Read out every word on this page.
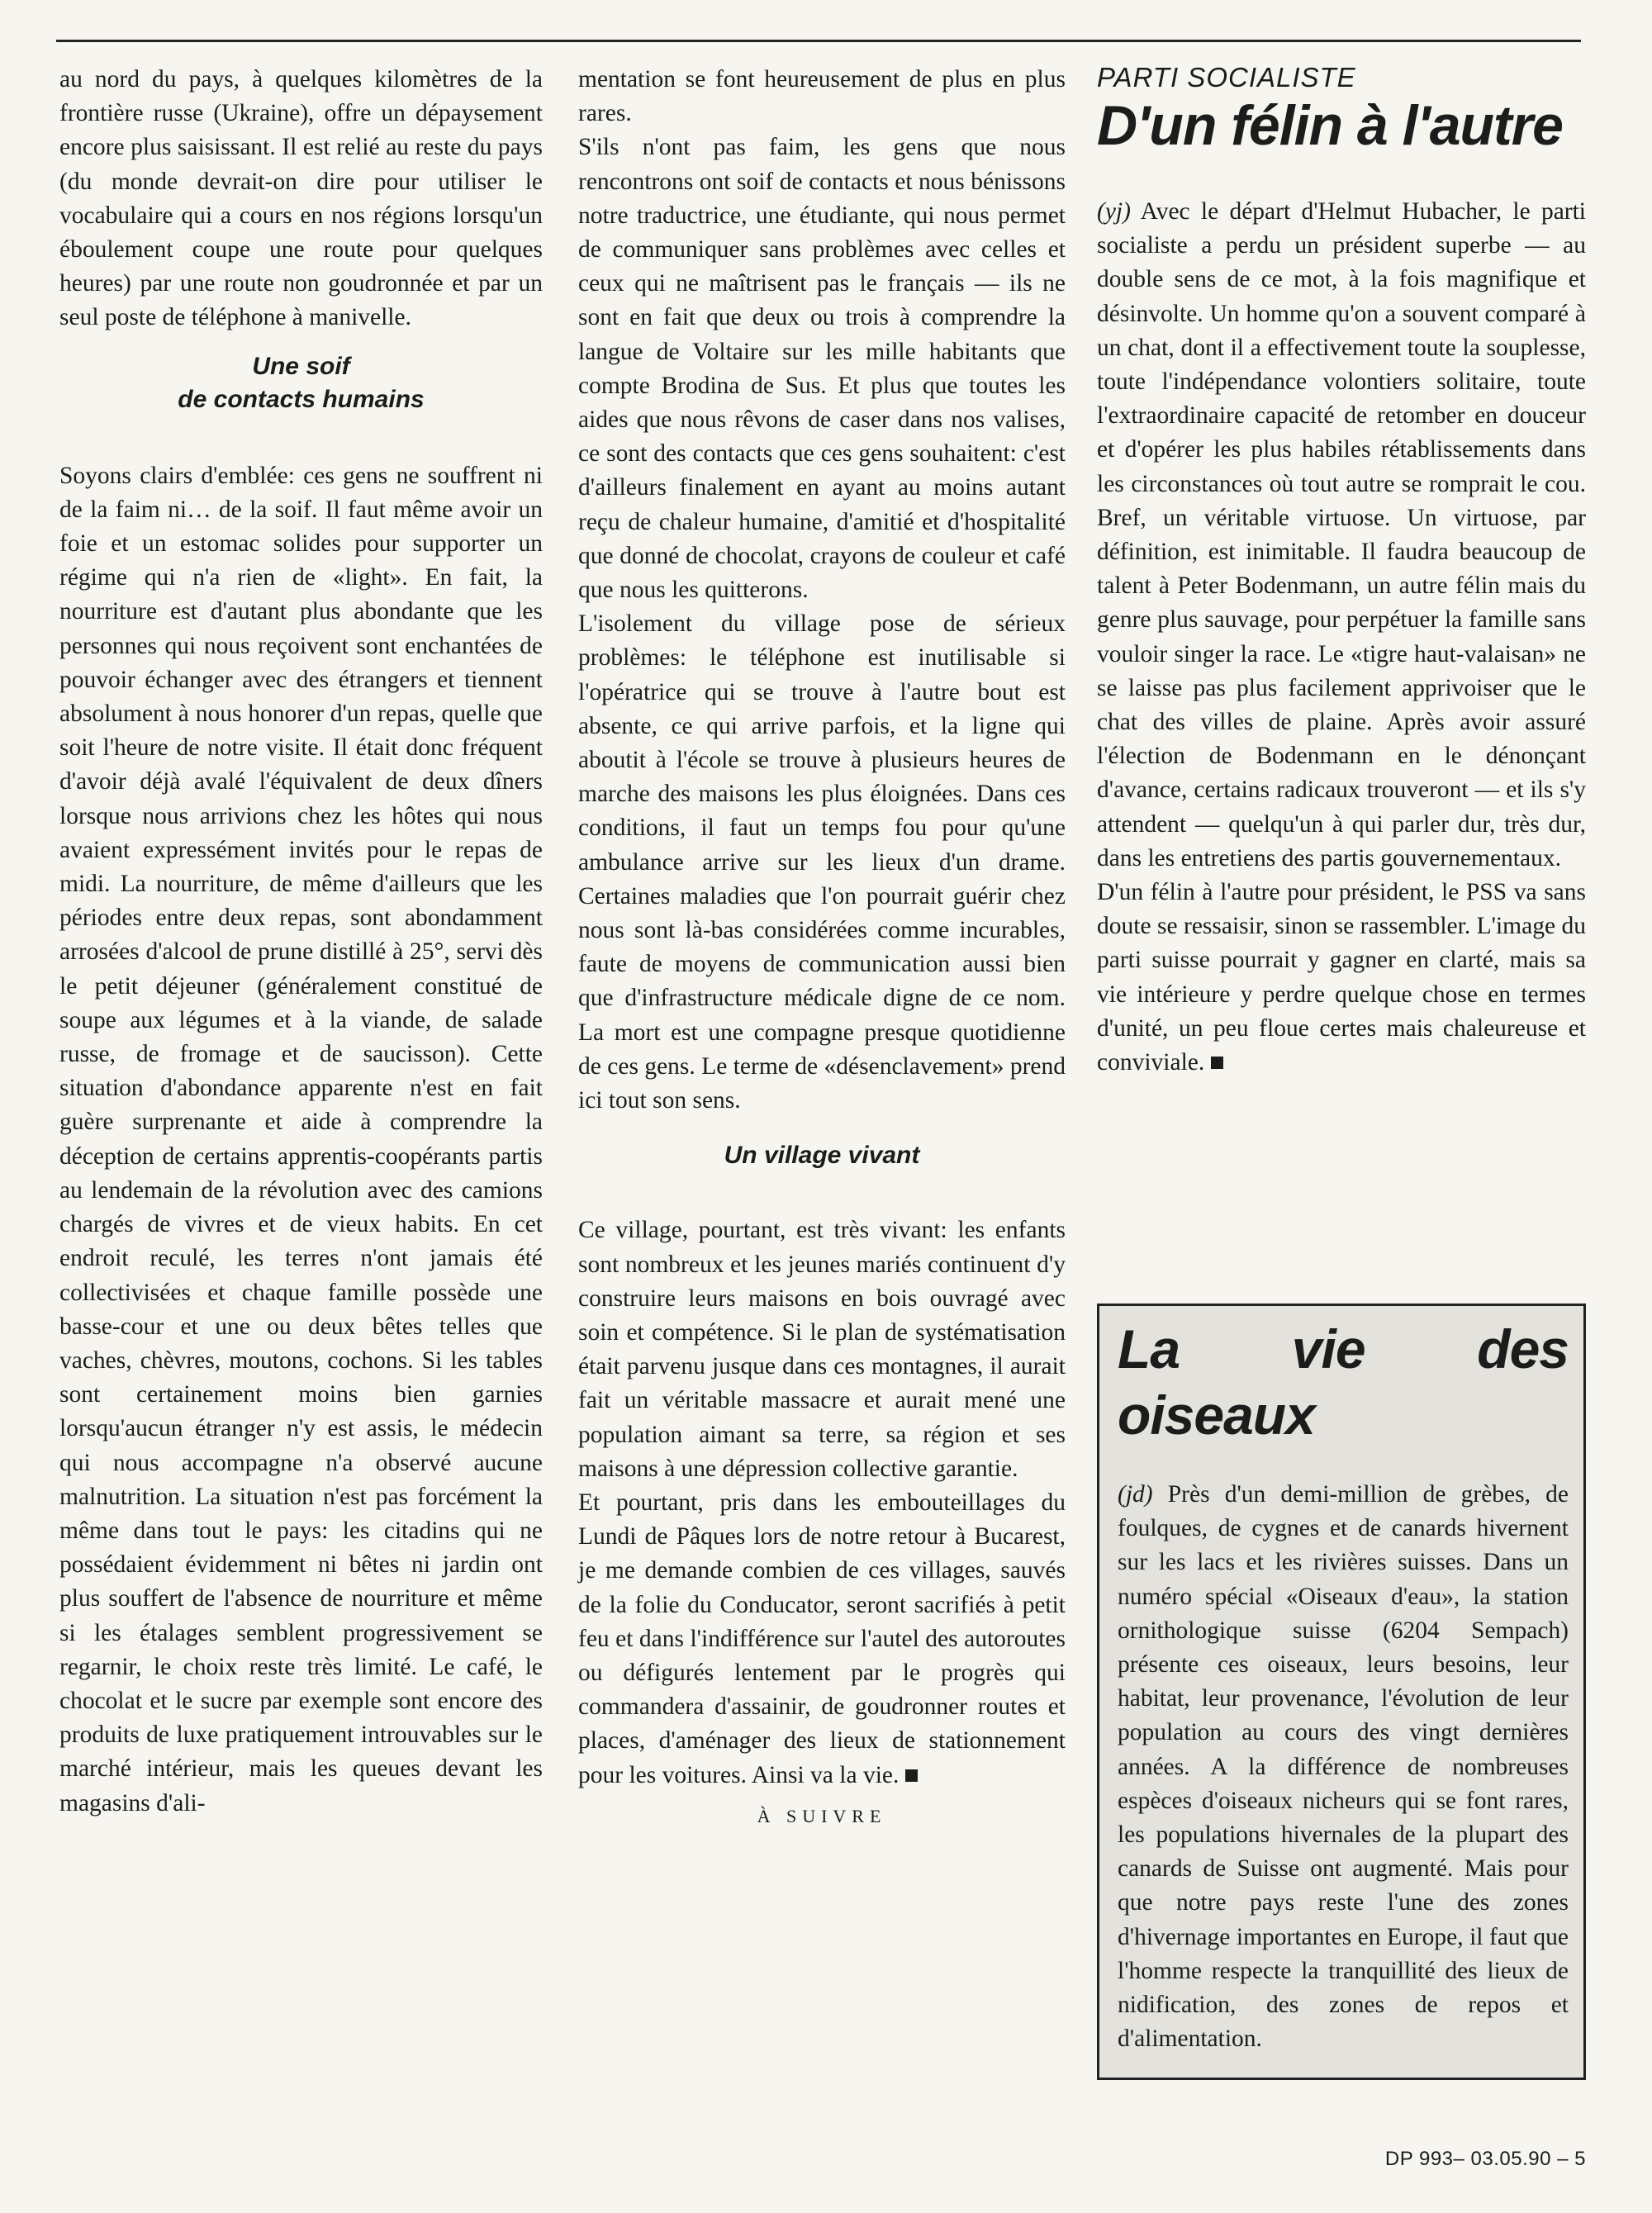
au nord du pays, à quelques kilomètres de la frontière russe (Ukraine), offre un dépaysement encore plus saisissant. Il est relié au reste du pays (du monde devrait-on dire pour utiliser le vocabulaire qui a cours en nos régions lorsqu'un éboulement coupe une route pour quelques heures) par une route non goudronnée et par un seul poste de téléphone à manivelle.

Une soif
de contacts humains

Soyons clairs d'emblée: ces gens ne souffrent ni de la faim ni… de la soif. Il faut même avoir un foie et un estomac solides pour supporter un régime qui n'a rien de «light». En fait, la nourriture est d'autant plus abondante que les personnes qui nous reçoivent sont enchantées de pouvoir échanger avec des étrangers et tiennent absolument à nous honorer d'un repas, quelle que soit l'heure de notre visite. Il était donc fréquent d'avoir déjà avalé l'équivalent de deux dîners lorsque nous arrivions chez les hôtes qui nous avaient expressément invités pour le repas de midi. La nourriture, de même d'ailleurs que les périodes entre deux repas, sont abondamment arrosées d'alcool de prune distillé à 25°, servi dès le petit déjeuner (généralement constitué de soupe aux légumes et à la viande, de salade russe, de fromage et de saucisson). Cette situation d'abondance apparente n'est en fait guère surprenante et aide à comprendre la déception de certains apprentis-coopérants partis au lendemain de la révolution avec des camions chargés de vivres et de vieux habits. En cet endroit reculé, les terres n'ont jamais été collectivisées et chaque famille possède une basse-cour et une ou deux bêtes telles que vaches, chèvres, moutons, cochons. Si les tables sont certainement moins bien garnies lorsqu'aucun étranger n'y est assis, le médecin qui nous accompagne n'a observé aucune malnutrition. La situation n'est pas forcément la même dans tout le pays: les citadins qui ne possédaient évidemment ni bêtes ni jardin ont plus souffert de l'absence de nourriture et même si les étalages semblent progressivement se regarnir, le choix reste très limité. Le café, le chocolat et le sucre par exemple sont encore des produits de luxe pratiquement introuvables sur le marché intérieur, mais les queues devant les magasins d'ali-

mentation se font heureusement de plus en plus rares.

S'ils n'ont pas faim, les gens que nous rencontrons ont soif de contacts et nous bénissons notre traductrice, une étudiante, qui nous permet de communiquer sans problèmes avec celles et ceux qui ne maîtrisent pas le français — ils ne sont en fait que deux ou trois à comprendre la langue de Voltaire sur les mille habitants que compte Brodina de Sus. Et plus que toutes les aides que nous rêvons de caser dans nos valises, ce sont des contacts que ces gens souhaitent: c'est d'ailleurs finalement en ayant au moins autant reçu de chaleur humaine, d'amitié et d'hospitalité que donné de chocolat, crayons de couleur et café que nous les quitterons.

L'isolement du village pose de sérieux problèmes: le téléphone est inutilisable si l'opératrice qui se trouve à l'autre bout est absente, ce qui arrive parfois, et la ligne qui aboutit à l'école se trouve à plusieurs heures de marche des maisons les plus éloignées. Dans ces conditions, il faut un temps fou pour qu'une ambulance arrive sur les lieux d'un drame. Certaines maladies que l'on pourrait guérir chez nous sont là-bas considérées comme incurables, faute de moyens de communication aussi bien que d'infrastructure médicale digne de ce nom. La mort est une compagne presque quotidienne de ces gens. Le terme de «désenclavement» prend ici tout son sens.

Un village vivant

Ce village, pourtant, est très vivant: les enfants sont nombreux et les jeunes mariés continuent d'y construire leurs maisons en bois ouvragé avec soin et compétence. Si le plan de systématisation était parvenu jusque dans ces montagnes, il aurait fait un véritable massacre et aurait mené une population aimant sa terre, sa région et ses maisons à une dépression collective garantie.

Et pourtant, pris dans les embouteillages du Lundi de Pâques lors de notre retour à Bucarest, je me demande combien de ces villages, sauvés de la folie du Conducator, seront sacrifiés à petit feu et dans l'indifférence sur l'autel des autoroutes ou défigurés lentement par le progrès qui commandera d'assainir, de goudronner routes et places, d'aménager des lieux de stationnement pour les voitures. Ainsi va la vie.

À SUIVRE
PARTI SOCIALISTE
D'un félin à l'autre

(yj) Avec le départ d'Helmut Hubacher, le parti socialiste a perdu un président superbe — au double sens de ce mot, à la fois magnifique et désinvolte. Un homme qu'on a souvent comparé à un chat, dont il a effectivement toute la souplesse, toute l'indépendance volontiers solitaire, toute l'extraordinaire capacité de retomber en douceur et d'opérer les plus habiles rétablissements dans les circonstances où tout autre se romprait le cou. Bref, un véritable virtuose. Un virtuose, par définition, est inimitable. Il faudra beaucoup de talent à Peter Bodenmann, un autre félin mais du genre plus sauvage, pour perpétuer la famille sans vouloir singer la race. Le «tigre haut-valaisan» ne se laisse pas plus facilement apprivoiser que le chat des villes de plaine. Après avoir assuré l'élection de Bodenmann en le dénonçant d'avance, certains radicaux trouveront — et ils s'y attendent — quelqu'un à qui parler dur, très dur, dans les entretiens des partis gouvernementaux.

D'un félin à l'autre pour président, le PSS va sans doute se ressaisir, sinon se rassembler. L'image du parti suisse pourrait y gagner en clarté, mais sa vie intérieure y perdre quelque chose en termes d'unité, un peu floue certes mais chaleureuse et conviviale.

La vie des oiseaux

(jd) Près d'un demi-million de grèbes, de foulques, de cygnes et de canards hivernent sur les lacs et les rivières suisses. Dans un numéro spécial «Oiseaux d'eau», la station ornithologique suisse (6204 Sempach) présente ces oiseaux, leurs besoins, leur habitat, leur provenance, l'évolution de leur population au cours des vingt dernières années. A la différence de nombreuses espèces d'oiseaux nicheurs qui se font rares, les populations hivernales de la plupart des canards de Suisse ont augmenté. Mais pour que notre pays reste l'une des zones d'hivernage importantes en Europe, il faut que l'homme respecte la tranquillité des lieux de nidification, des zones de repos et d'alimentation.

DP 993– 03.05.90 – 5
